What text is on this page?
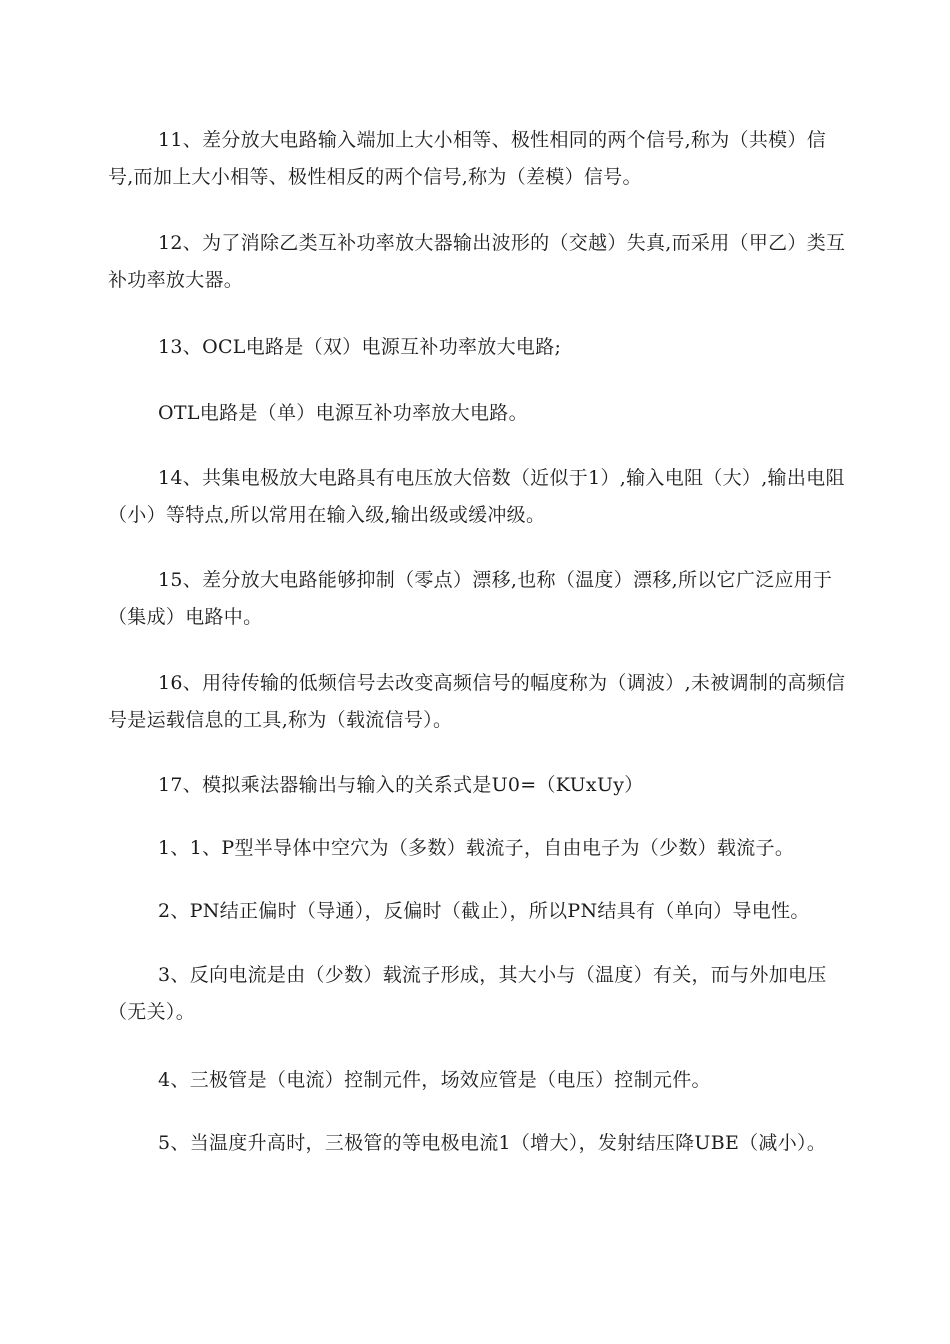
11、差分放大电路输入端加上大小相等、极性相同的两个信号,称为（共模）信号,而加上大小相等、极性相反的两个信号,称为（差模）信号。

12、为了消除乙类互补功率放大器输出波形的（交越）失真,而采用（甲乙）类互补功率放大器。

13、OCL电路是（双）电源互补功率放大电路;

OTL电路是（单）电源互补功率放大电路。

14、共集电极放大电路具有电压放大倍数（近似于1）,输入电阻（大）,输出电阻（小）等特点,所以常用在输入级,输出级或缓冲级。

15、差分放大电路能够抑制（零点）漂移,也称（温度）漂移,所以它广泛应用于（集成）电路中。

16、用待传输的低频信号去改变高频信号的幅度称为（调波）,未被调制的高频信号是运载信息的工具,称为（载流信号）。

17、模拟乘法器输出与输入的关系式是U0=（KUxUy）

1、1、P型半导体中空穴为（多数）载流子，自由电子为（少数）载流子。

2、PN结正偏时（导通），反偏时（截止），所以PN结具有（单向）导电性。

3、反向电流是由（少数）载流子形成，其大小与（温度）有关，而与外加电压（无关）。

4、三极管是（电流）控制元件，场效应管是（电压）控制元件。

5、当温度升高时，三极管的等电极电流1（增大），发射结压降UBE（减小）。
